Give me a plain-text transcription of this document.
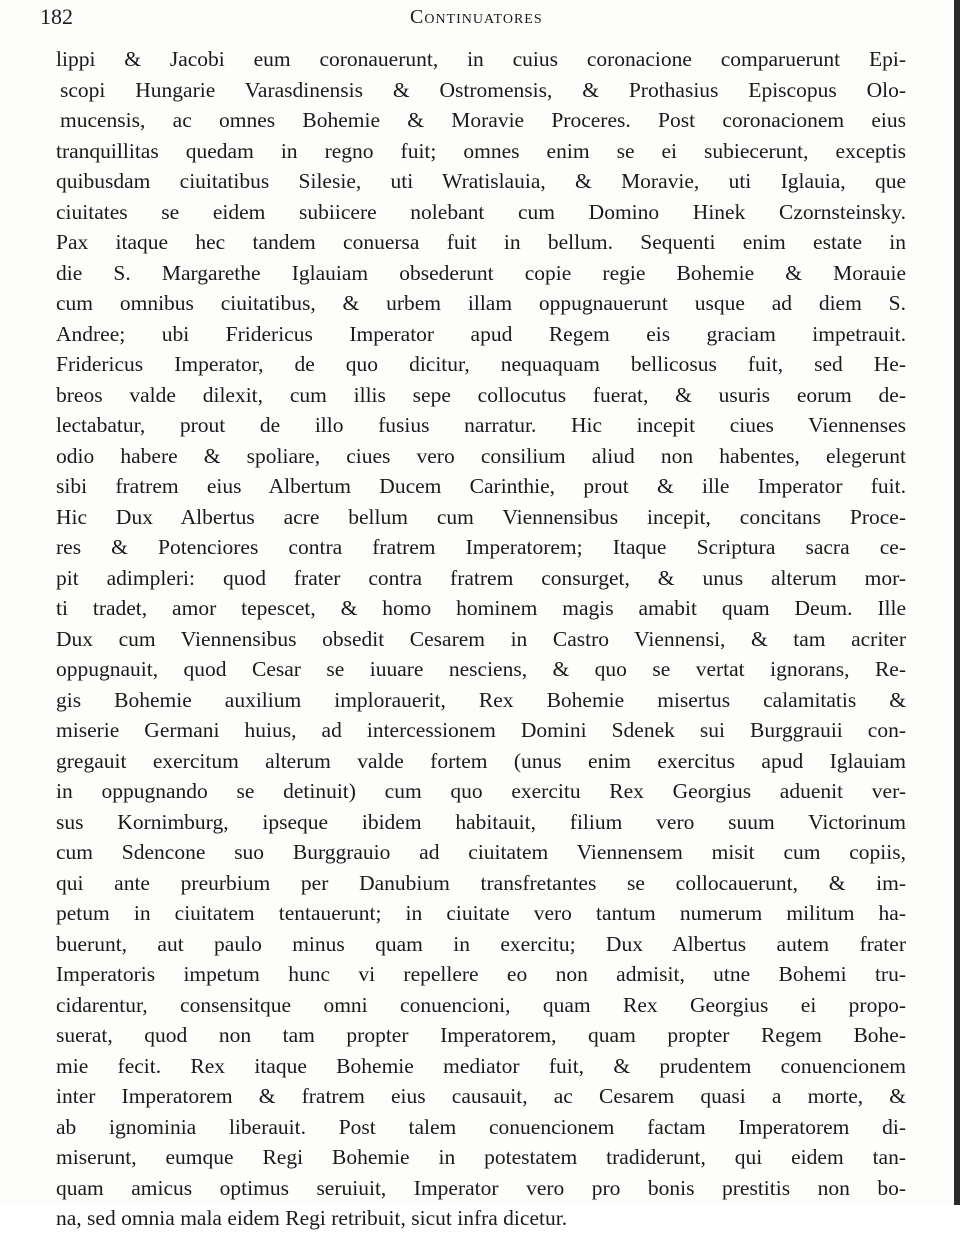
182	Continuatores
lippi & Jacobi eum coronauerunt, in cuius coronacione comparuerunt Epi-
scopi Hungarie Varasdinensis & Ostromensis, & Prothasius Episcopus Olo-
mucensis, ac omnes Bohemie & Moravie Proceres. Post coronacionem eius
tranquillitas quedam in regno fuit; omnes enim se ei subiecerunt, exceptis
quibusdam ciuitatibus Silesie, uti Wratislauia, & Moravie, uti Iglauia, que
ciuitates se eidem subiicere nolebant cum Domino Hinek Czornsteinsky.
Pax itaque hec tandem conuersa fuit in bellum. Sequenti enim estate in
die S. Margarethe Iglauiam obsederunt copie regie Bohemie & Morauie
cum omnibus ciuitatibus, & urbem illam oppugnauerunt usque ad diem S.
Andree; ubi Fridericus Imperator apud Regem eis graciam impetrauit.
Fridericus Imperator, de quo dicitur, nequaquam bellicosus fuit, sed He-
breos valde dilexit, cum illis sepe collocutus fuerat, & usuris eorum de-
lectabatur, prout de illo fusius narratur. Hic incepit ciues Viennenses
odio habere & spoliare, ciues vero consilium aliud non habentes, elegerunt
sibi fratrem eius Albertum Ducem Carinthie, prout & ille Imperator fuit.
Hic Dux Albertus acre bellum cum Viennensibus incepit, concitans Proce-
res & Potenciores contra fratrem Imperatorem; Itaque Scriptura sacra ce-
pit adimpleri: quod frater contra fratrem consurget, & unus alterum mor-
ti tradet, amor tepescet, & homo hominem magis amabit quam Deum. Ille
Dux cum Viennensibus obsedit Cesarem in Castro Viennensi, & tam acriter
oppugnauit, quod Cesar se iuuare nesciens, & quo se vertat ignorans, Re-
gis Bohemie auxilium implorauerit, Rex Bohemie misertus calamitatis &
miserie Germani huius, ad intercessionem Domini Sdenek sui Burggrauii con-
gregauit exercitum alterum valde fortem (unus enim exercitus apud Iglauiam
in oppugnando se detinuit) cum quo exercitu Rex Georgius aduenit ver-
sus Kornimburg, ipseque ibidem habitauit, filium vero suum Victorinum
cum Sdencone suo Burggrauio ad ciuitatem Viennensem misit cum copiis,
qui ante preurbium per Danubium transfretantes se collocauerunt, & im-
petum in ciuitatem tentauerunt; in ciuitate vero tantum numerum militum ha-
buerunt, aut paulo minus quam in exercitu; Dux Albertus autem frater
Imperatoris impetum hunc vi repellere eo non admisit, utne Bohemi tru-
cidarentur, consensitque omni conuencioni, quam Rex Georgius ei propo-
suerat, quod non tam propter Imperatorem, quam propter Regem Bohe-
mie fecit. Rex itaque Bohemie mediator fuit, & prudentem conuencionem
inter Imperatorem & fratrem eius causauit, ac Cesarem quasi a morte, &
ab ignominia liberauit. Post talem conuencionem factam Imperatorem di-
miserunt, eumque Regi Bohemie in potestatem tradiderunt, qui eidem tan-
quam amicus optimus seruiuit, Imperator vero pro bonis prestitis non bo-
na, sed omnia mala eidem Regi retribuit, sicut infra dicetur.
